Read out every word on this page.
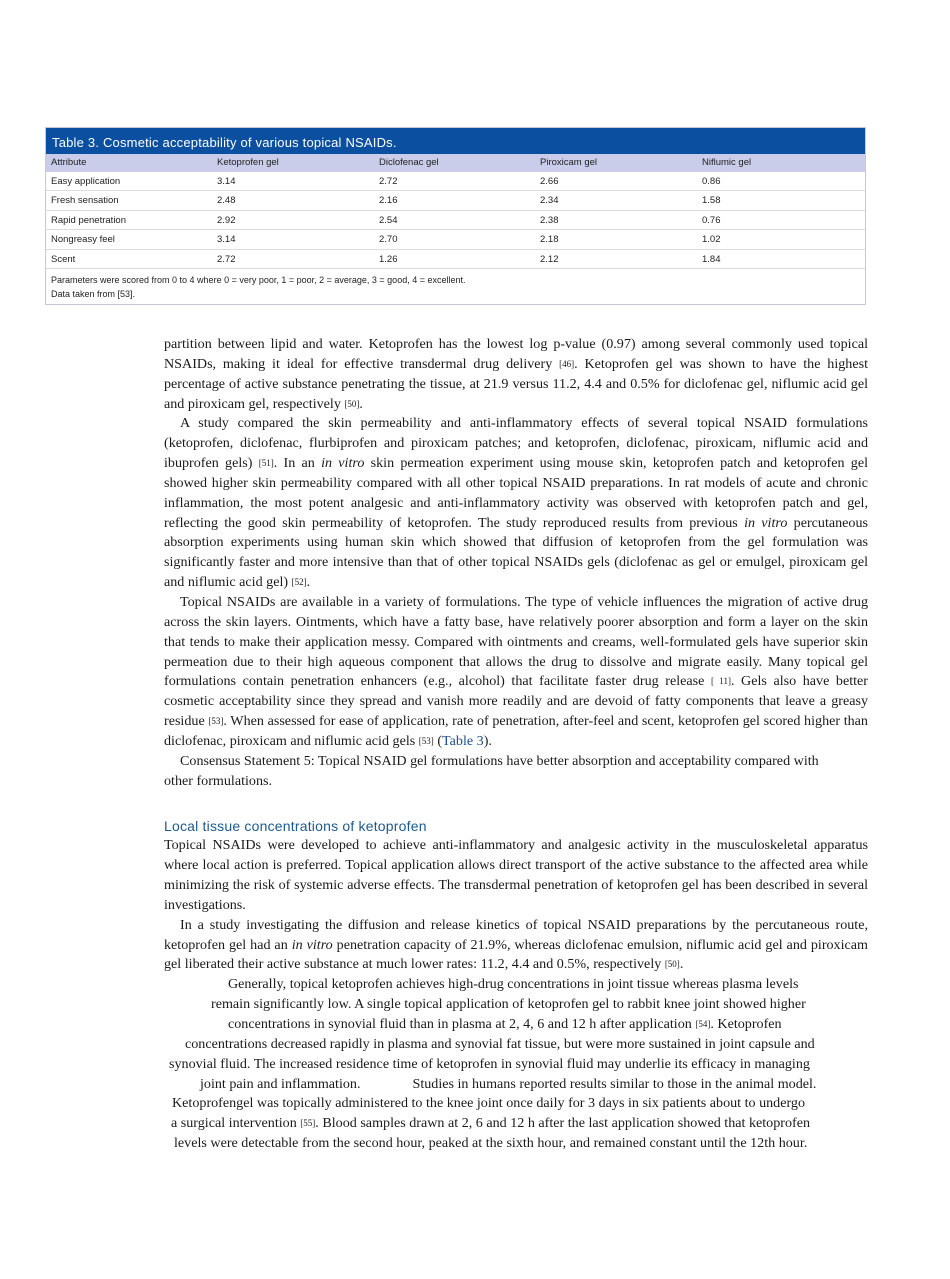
Table 3. Cosmetic acceptability of various topical NSAIDs.
Attribute	Ketoprofen gel	Diclofenac gel	Piroxicam gel	Niflumic gel
Easy application	3.14	2.72	2.66	0.86
Fresh sensation	2.48	2.16	2.34	1.58
Rapid penetration	2.92	2.54	2.38	0.76
Nongreasy feel	3.14	2.70	2.18	1.02
Scent	2.72	1.26	2.12	1.84
Parameters were scored from 0 to 4 where 0 = very poor, 1 = poor, 2 = average, 3 = good, 4 = excellent.
Data taken from [53].

partition between lipid and water. Ketoprofen has the lowest log p-value (0.97) among several commonly used topical NSAIDs, making it ideal for effective transdermal drug delivery [46]. Ketoprofen gel was shown to have the highest percentage of active substance penetrating the tissue, at 21.9 versus 11.2, 4.4 and 0.5% for diclofenac gel, niflumic acid gel and piroxicam gel, respectively [50].

A study compared the skin permeability and anti-inflammatory effects of several topical NSAID formulations (ketoprofen, diclofenac, flurbiprofen and piroxicam patches; and ketoprofen, diclofenac, piroxicam, niflumic acid and ibuprofen gels) [51]. In an in vitro skin permeation experiment using mouse skin, ketoprofen patch and ketoprofen gel showed higher skin permeability compared with all other topical NSAID preparations. In rat models of acute and chronic inflammation, the most potent analgesic and anti-inflammatory activity was observed with ketoprofen patch and gel, reflecting the good skin permeability of ketoprofen. The study reproduced results from previous in vitro percutaneous absorption experiments using human skin which showed that diffusion of ketoprofen from the gel formulation was significantly faster and more intensive than that of other topical NSAIDs gels (diclofenac as gel or emulgel, piroxicam gel and niflumic acid gel) [52].

Topical NSAIDs are available in a variety of formulations. The type of vehicle influences the migration of active drug across the skin layers. Ointments, which have a fatty base, have relatively poorer absorption and form a layer on the skin that tends to make their application messy. Compared with ointments and creams, well-formulated gels have superior skin permeation due to their high aqueous component that allows the drug to dissolve and migrate easily. Many topical gel formulations contain penetration enhancers (e.g., alcohol) that facilitate faster drug release [ 11]. Gels also have better cosmetic acceptability since they spread and vanish more readily and are devoid of fatty components that leave a greasy residue [53]. When assessed for ease of application, rate of penetration, after-feel and scent, ketoprofen gel scored higher than diclofenac, piroxicam and niflumic acid gels [53] (Table 3).

Consensus Statement 5: Topical NSAID gel formulations have better absorption and acceptability compared with other formulations.

Local tissue concentrations of ketoprofen

Topical NSAIDs were developed to achieve anti-inflammatory and analgesic activity in the musculoskeletal apparatus where local action is preferred. Topical application allows direct transport of the active substance to the affected area while minimizing the risk of systemic adverse effects. The transdermal penetration of ketoprofen gel has been described in several investigations.

In a study investigating the diffusion and release kinetics of topical NSAID preparations by the percutaneous route, ketoprofen gel had an in vitro penetration capacity of 21.9%, whereas diclofenac emulsion, niflumic acid gel and piroxicam gel liberated their active substance at much lower rates: 11.2, 4.4 and 0.5%, respectively [50].

Generally, topical ketoprofen achieves high-drug concentrations in joint tissue whereas plasma levels

remain significantly low. A single topical application of ketoprofen gel to rabbit knee joint showed higher

concentrations in synovial fluid than in plasma at 2, 4, 6 and 12 h after application [54]. Ketoprofen

concentrations decreased rapidly in plasma and synovial fat tissue, but were more sustained in joint capsule and

synovial fluid. The increased residence time of ketoprofen in synovial fluid may underlie its efficacy in managing

joint pain and inflammation.	Studies in humans reported results similar to those in the animal model.

Ketoprofengel was topically administered to the knee joint once daily for 3 days in six patients about to undergo

a surgical intervention [55]. Blood samples drawn at 2, 6 and 12 h after the last application showed that ketoprofen

levels were detectable from the second hour, peaked at the sixth hour, and remained constant until the 12th hour.
